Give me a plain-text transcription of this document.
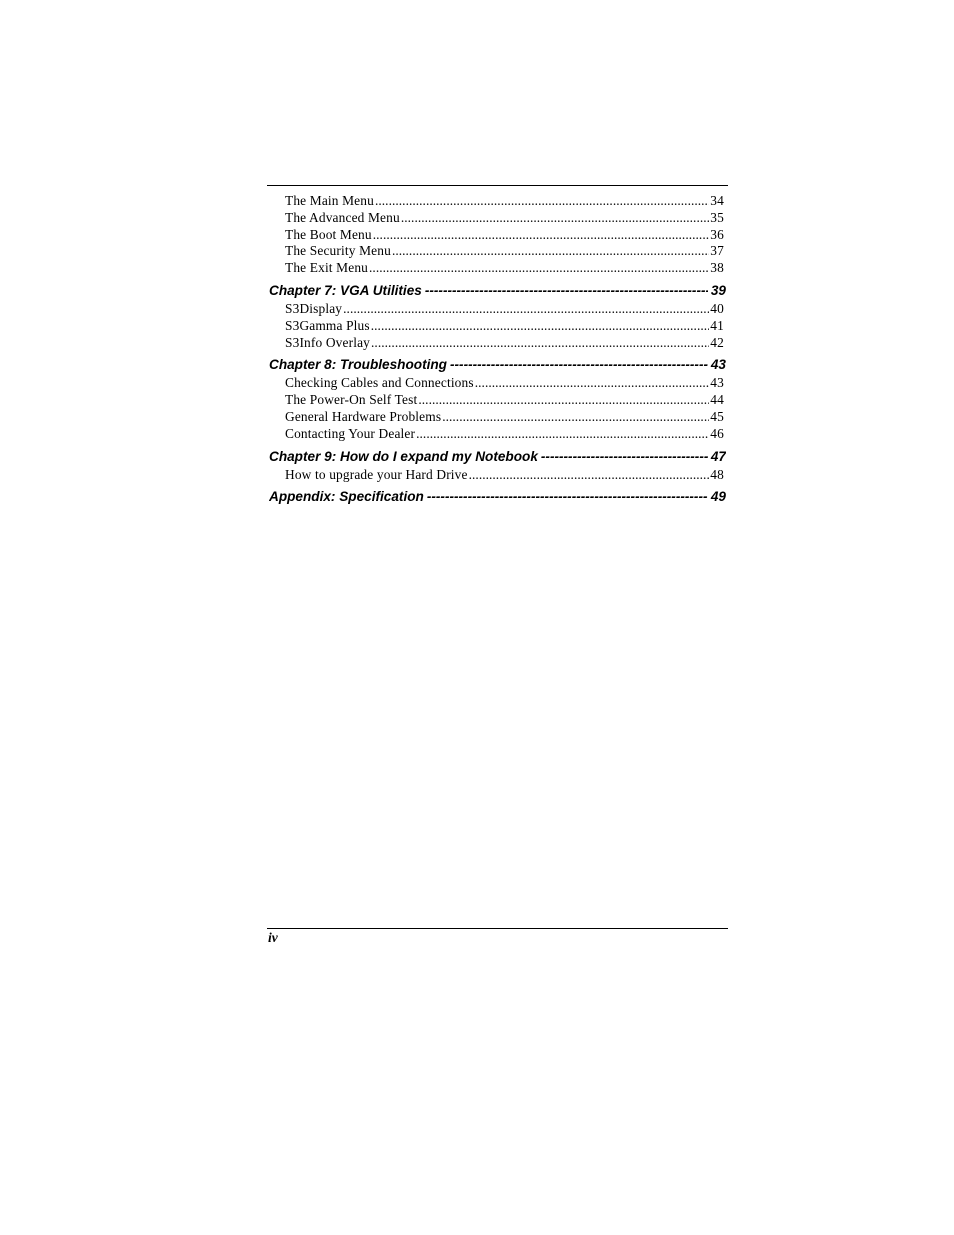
The Main Menu .....	34
The Advanced Menu .....	35
The Boot Menu .....	36
The Security Menu .....	37
The Exit Menu .....	38
Chapter 7: VGA Utilities -----	39
S3Display .....	40
S3Gamma Plus .....	41
S3Info Overlay .....	42
Chapter 8: Troubleshooting -----	43
Checking Cables and Connections .....	43
The Power-On Self Test .....	44
General Hardware Problems .....	45
Contacting Your Dealer .....	46
Chapter 9: How do I expand my Notebook -----	47
How to upgrade your Hard Drive .....	48
Appendix: Specification -----	49
iv
